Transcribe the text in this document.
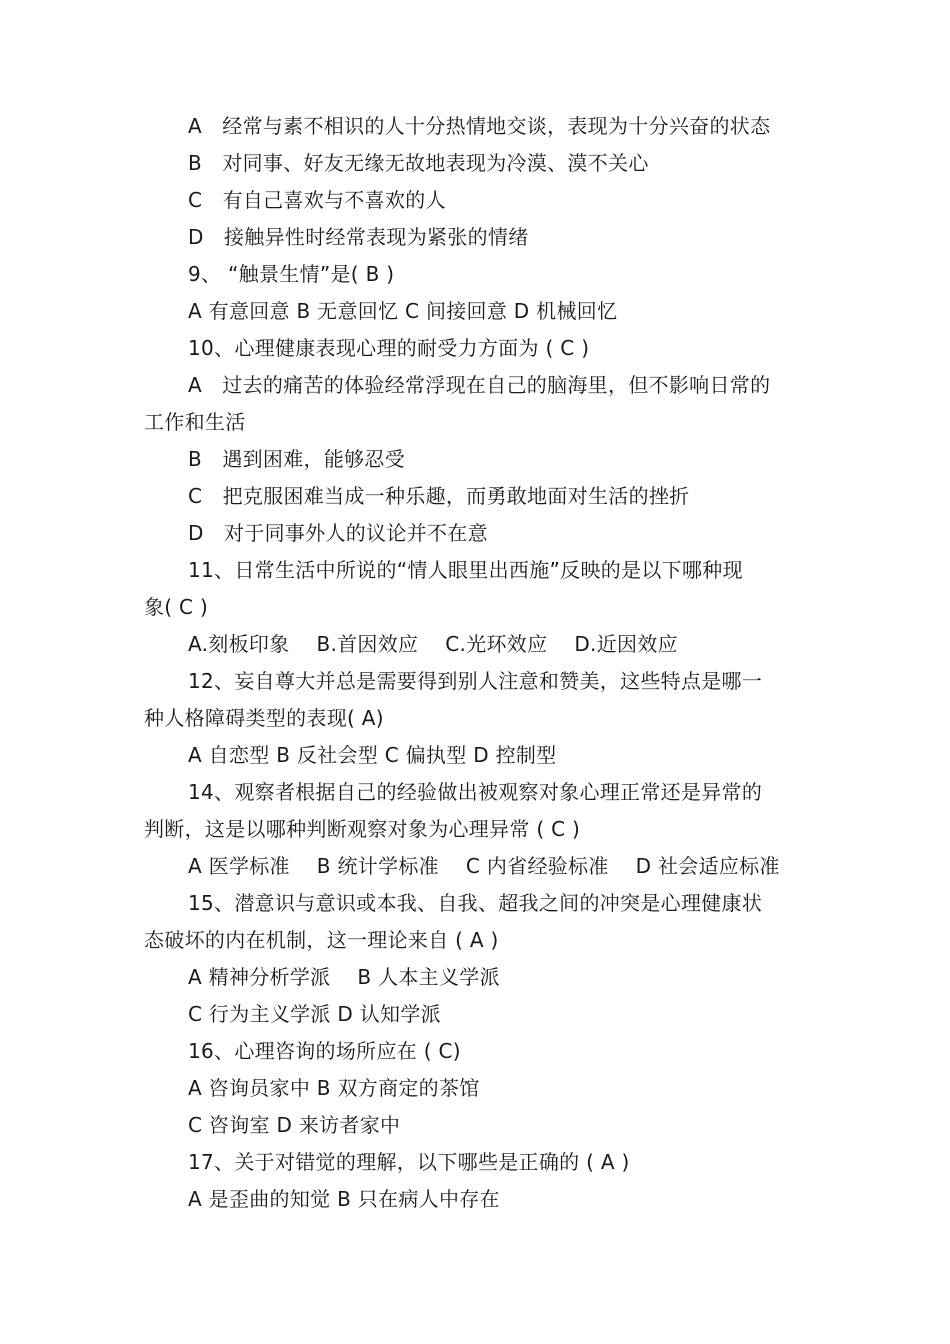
A　经常与素不相识的人十分热情地交谈，表现为十分兴奋的状态
B　对同事、好友无缘无故地表现为冷漠、漠不关心
C　有自己喜欢与不喜欢的人
D　接触异性时经常表现为紧张的情绪
9、 “触景生情”是( B )
A 有意回意 B 无意回忆 C 间接回意 D 机械回忆
10、心理健康表现心理的耐受力方面为 ( C )
A　过去的痛苦的体验经常浮现在自己的脑海里，但不影响日常的
工作和生活
B　遇到困难，能够忍受
C　把克服困难当成一种乐趣，而勇敢地面对生活的挫折
D　对于同事外人的议论并不在意
11、日常生活中所说的“情人眼里出西施”反映的是以下哪种现
象( C )
A.刻板印象　 B.首因效应　 C.光环效应　 D.近因效应
12、妄自尊大并总是需要得到别人注意和赞美，这些特点是哪一
种人格障碍类型的表现( A)
A 自恋型 B 反社会型 C 偏执型 D 控制型
14、观察者根据自己的经验做出被观察对象心理正常还是异常的
判断，这是以哪种判断观察对象为心理异常 ( C )
A 医学标准　 B 统计学标准　 C 内省经验标准　 D 社会适应标准
15、潜意识与意识或本我、自我、超我之间的冲突是心理健康状
态破坏的内在机制，这一理论来自 ( A )
A 精神分析学派　 B 人本主义学派
C 行为主义学派 D 认知学派
16、心理咨询的场所应在 ( C)
A 咨询员家中 B 双方商定的茶馆
C 咨询室 D 来访者家中
17、关于对错觉的理解，以下哪些是正确的 ( A )
A 是歪曲的知觉 B 只在病人中存在
